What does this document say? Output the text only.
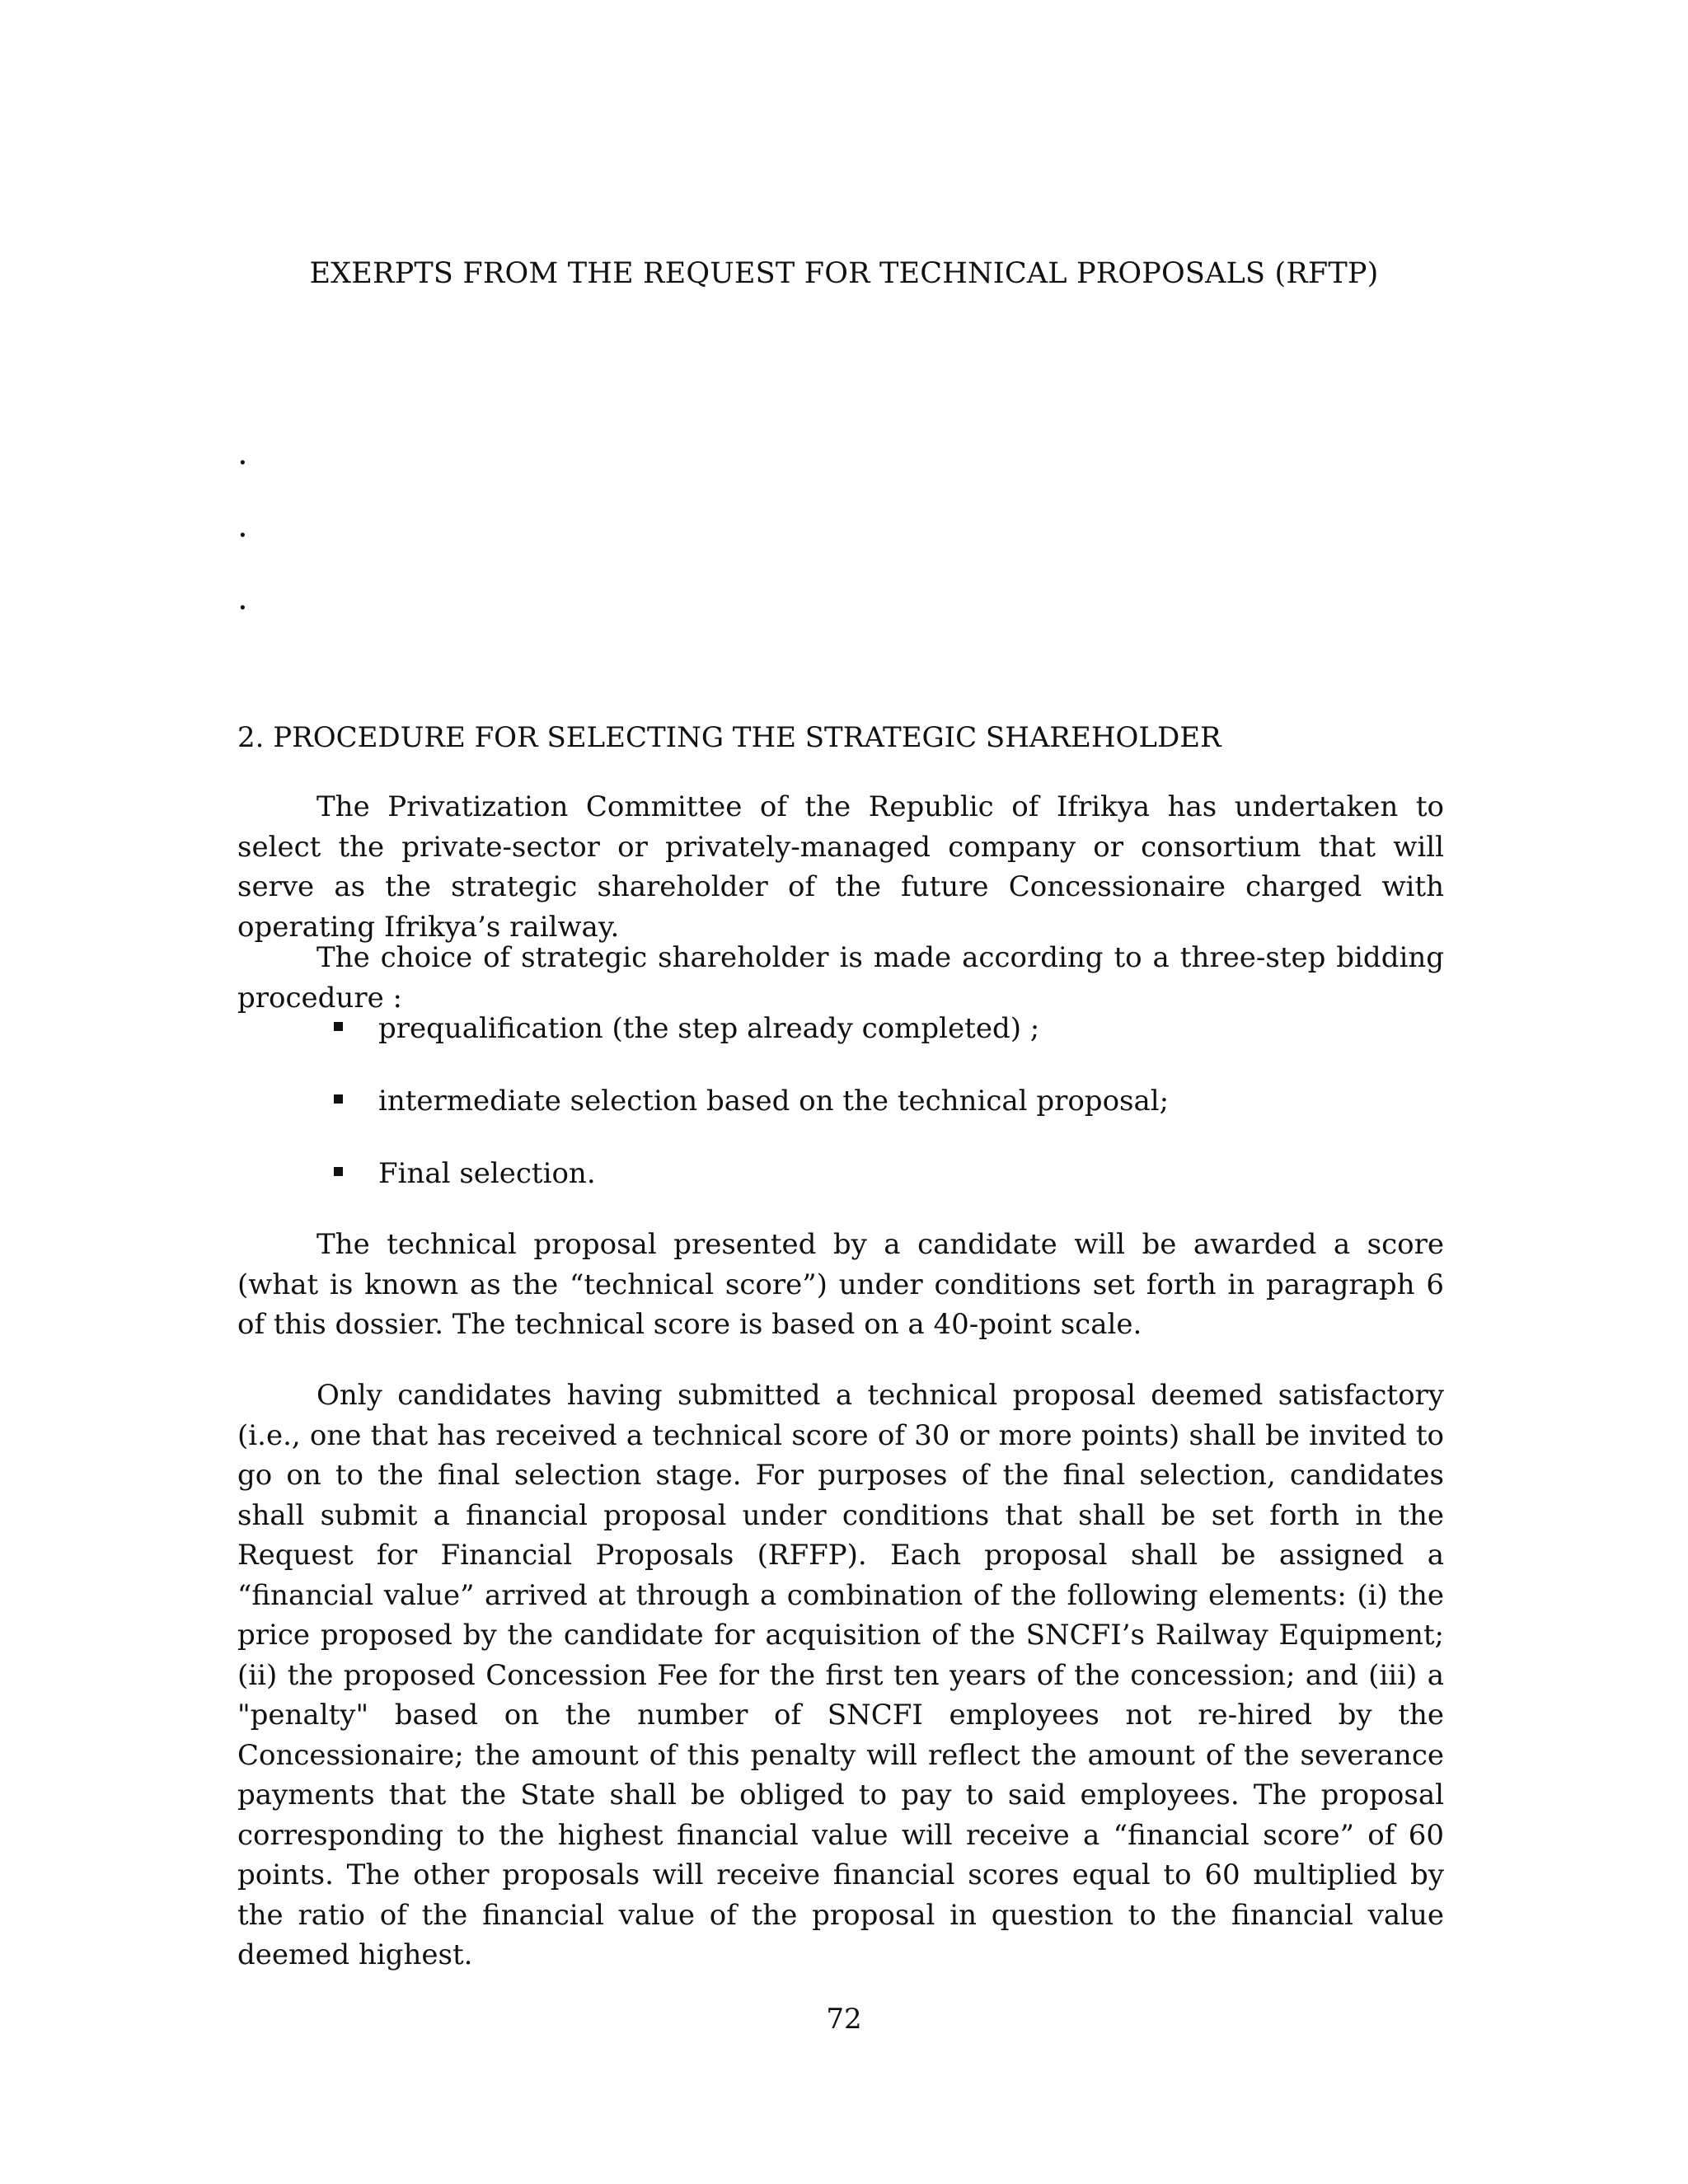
EXERPTS FROM THE REQUEST FOR TECHNICAL PROPOSALS (RFTP)
.
.
.
2. PROCEDURE FOR SELECTING THE STRATEGIC SHAREHOLDER

The Privatization Committee of the Republic of Ifrikya has undertaken to select the private-sector or privately-managed company or consortium that will serve as the strategic shareholder of the future Concessionaire charged with operating Ifrikya’s railway.

The choice of strategic shareholder is made according to a three-step bidding procedure :

prequalification (the step already completed) ;
intermediate selection based on the technical proposal;
Final selection.

The technical proposal presented by a candidate will be awarded a score (what is known as the “technical score”) under conditions set forth in paragraph 6 of this dossier. The technical score is based on a 40-point scale.

Only candidates having submitted a technical proposal deemed satisfactory (i.e., one that has received a technical score of 30 or more points) shall be invited to go on to the final selection stage. For purposes of the final selection, candidates shall submit a financial proposal under conditions that shall be set forth in the Request for Financial Proposals (RFFP). Each proposal shall be assigned a “financial value” arrived at through a combination of the following elements: (i) the price proposed by the candidate for acquisition of the SNCFI’s Railway Equipment; (ii) the proposed Concession Fee for the first ten years of the concession; and (iii) a "penalty" based on the number of SNCFI employees not re-hired by the Concessionaire; the amount of this penalty will reflect the amount of the severance payments that the State shall be obliged to pay to said employees. The proposal corresponding to the highest financial value will receive a “financial score” of 60 points. The other proposals will receive financial scores equal to 60 multiplied by the ratio of the financial value of the proposal in question to the financial value deemed highest.

72
